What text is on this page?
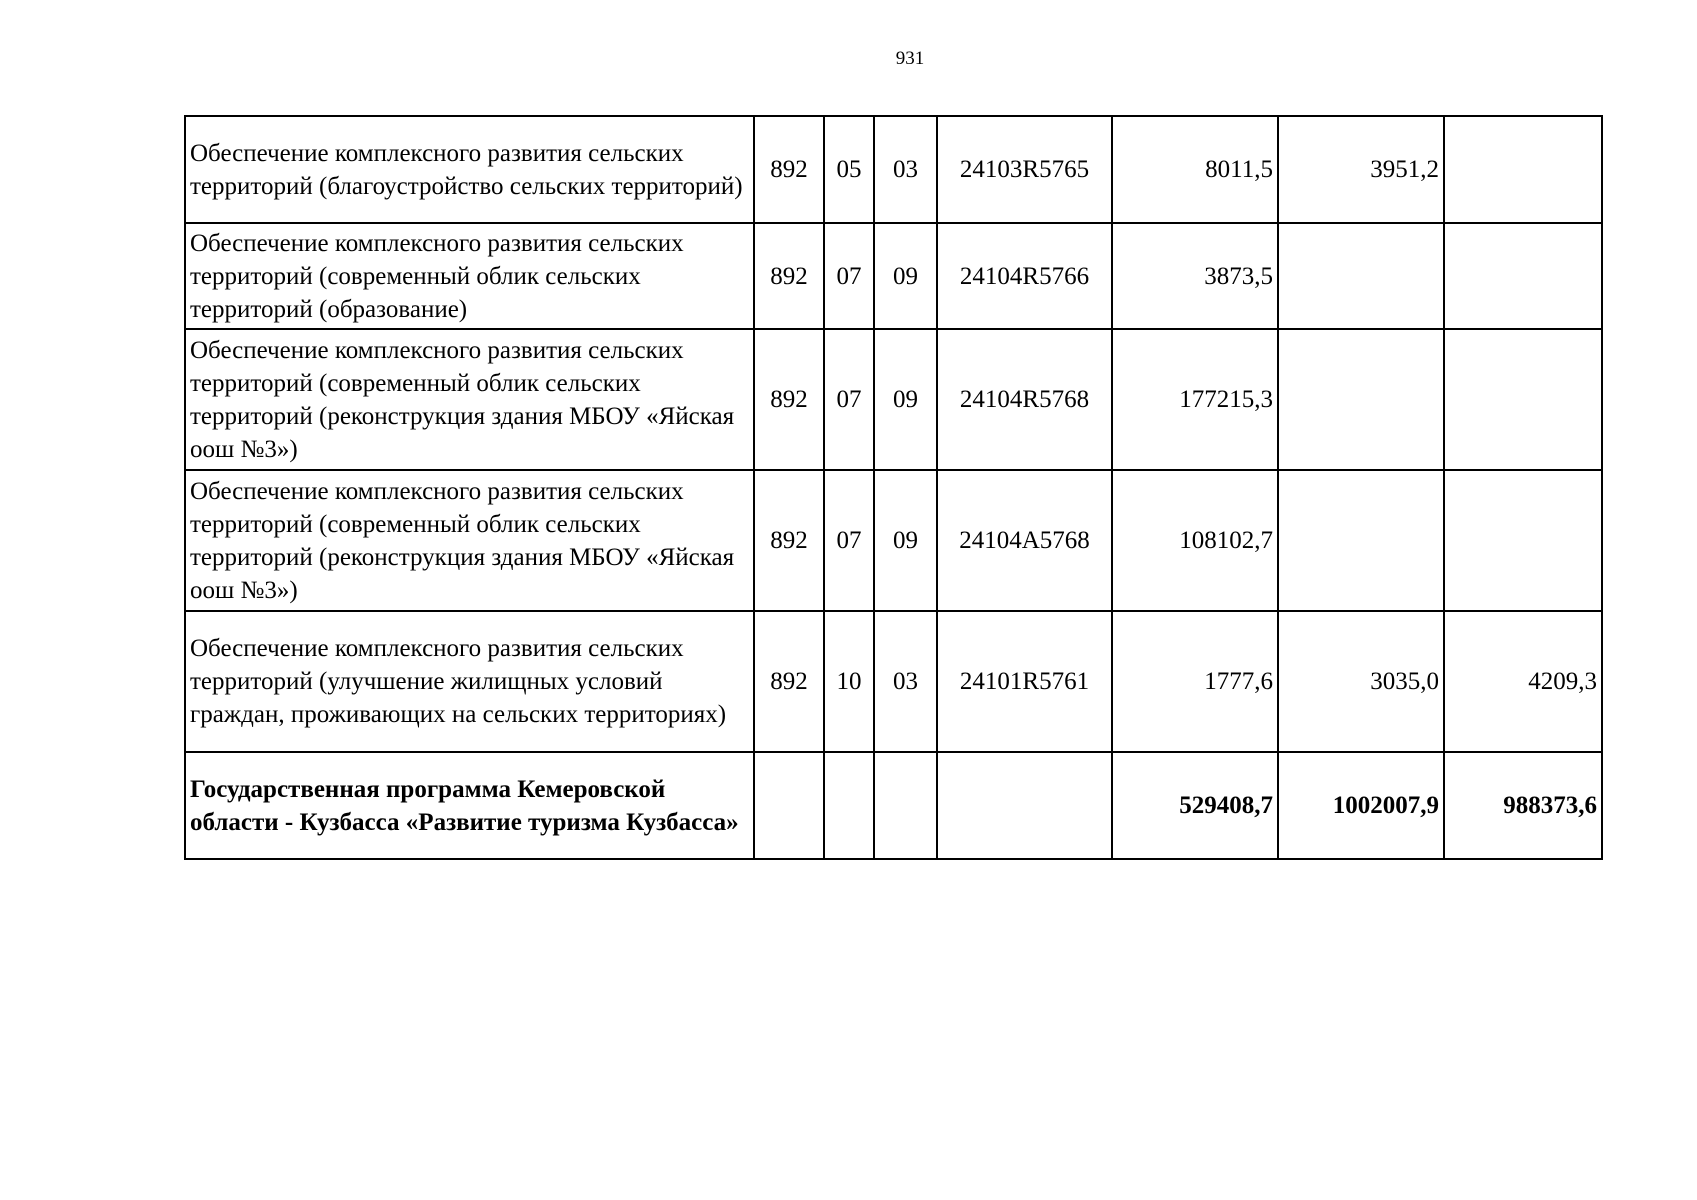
931
Обеспечение комплексного развития сельских территорий (благоустройство сельских территорий)	892	05	03	24103R5765	8011,5	3951,2	
Обеспечение комплексного развития сельских территорий (современный облик сельских территорий (образование)	892	07	09	24104R5766	3873,5		
Обеспечение комплексного развития сельских территорий (современный облик сельских территорий (реконструкция здания МБОУ «Яйская оош №3»)	892	07	09	24104R5768	177215,3		
Обеспечение комплексного развития сельских территорий (современный облик сельских территорий (реконструкция здания МБОУ «Яйская оош №3»)	892	07	09	24104А5768	108102,7		
Обеспечение комплексного развития сельских территорий (улучшение жилищных условий граждан, проживающих на сельских территориях)	892	10	03	24101R5761	1777,6	3035,0	4209,3
Государственная программа Кемеровской области - Кузбасса «Развитие туризма Кузбасса»					529408,7	1002007,9	988373,6
